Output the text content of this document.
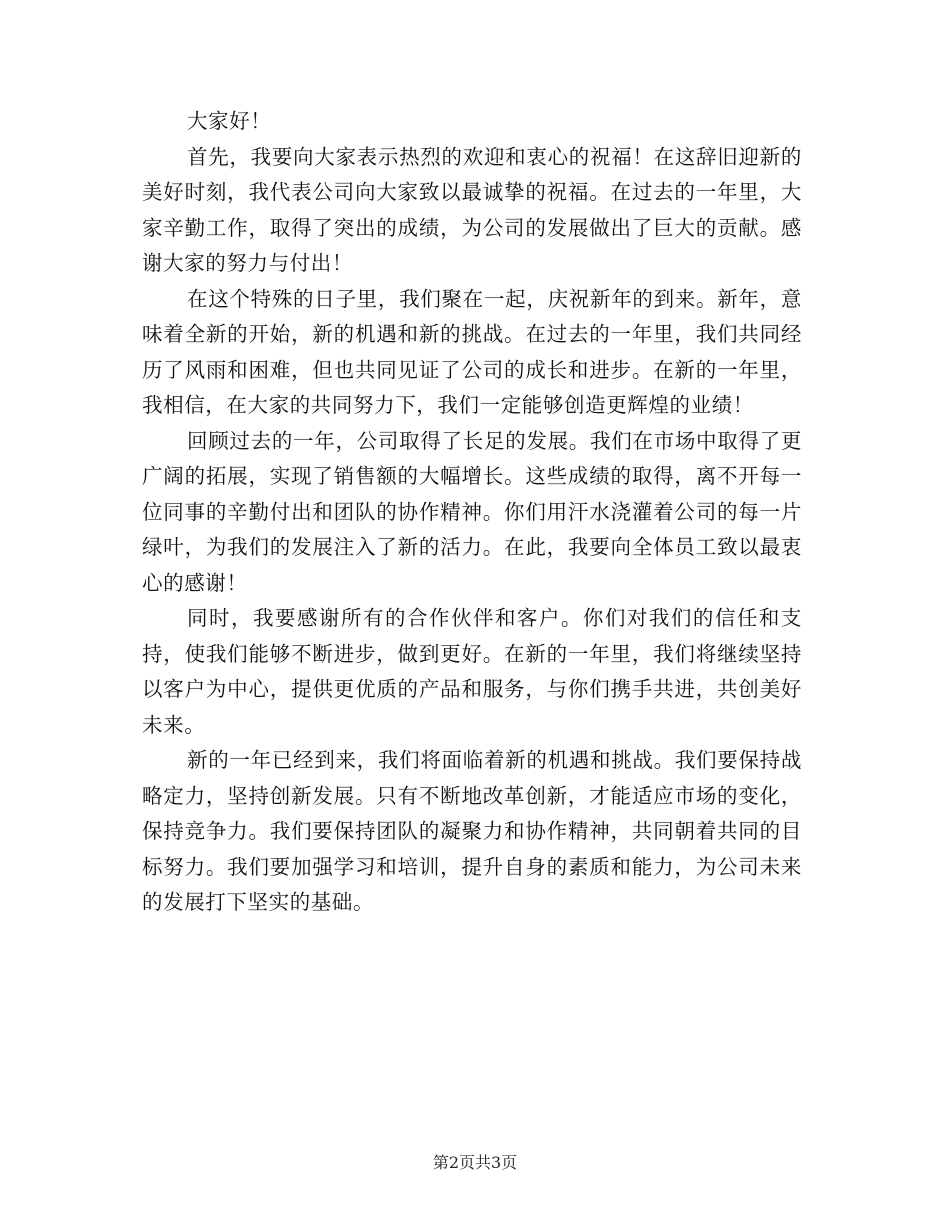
大家好！

首先，我要向大家表示热烈的欢迎和衷心的祝福！在这辞旧迎新的美好时刻，我代表公司向大家致以最诚挚的祝福。在过去的一年里，大家辛勤工作，取得了突出的成绩，为公司的发展做出了巨大的贡献。感谢大家的努力与付出！

在这个特殊的日子里，我们聚在一起，庆祝新年的到来。新年，意味着全新的开始，新的机遇和新的挑战。在过去的一年里，我们共同经历了风雨和困难，但也共同见证了公司的成长和进步。在新的一年里，我相信，在大家的共同努力下，我们一定能够创造更辉煌的业绩！

回顾过去的一年，公司取得了长足的发展。我们在市场中取得了更广阔的拓展，实现了销售额的大幅增长。这些成绩的取得，离不开每一位同事的辛勤付出和团队的协作精神。你们用汗水浇灌着公司的每一片绿叶，为我们的发展注入了新的活力。在此，我要向全体员工致以最衷心的感谢！

同时，我要感谢所有的合作伙伴和客户。你们对我们的信任和支持，使我们能够不断进步，做到更好。在新的一年里，我们将继续坚持以客户为中心，提供更优质的产品和服务，与你们携手共进，共创美好未来。

新的一年已经到来，我们将面临着新的机遇和挑战。我们要保持战略定力，坚持创新发展。只有不断地改革创新，才能适应市场的变化，保持竞争力。我们要保持团队的凝聚力和协作精神，共同朝着共同的目标努力。我们要加强学习和培训，提升自身的素质和能力，为公司未来的发展打下坚实的基础。

第2页共3页
